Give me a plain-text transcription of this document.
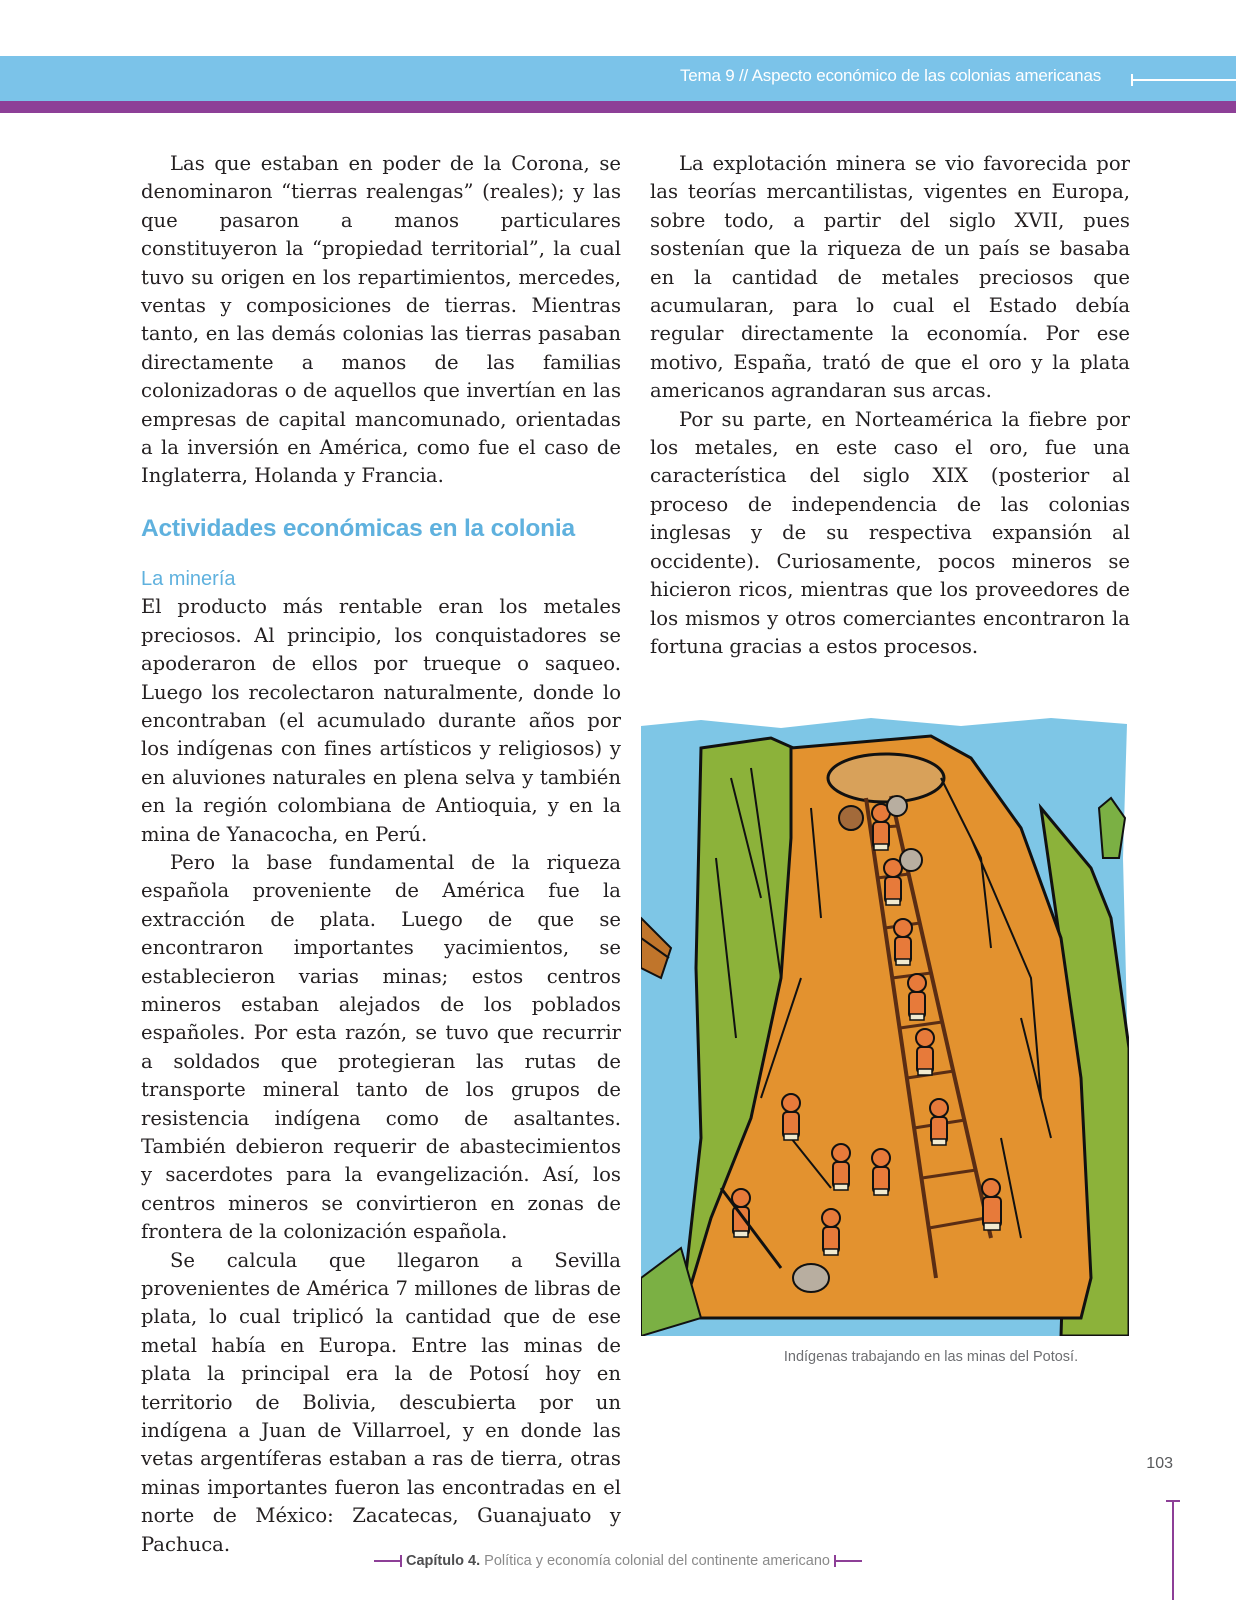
Tema 9 // Aspecto económico de las colonias americanas

Las que estaban en poder de la Corona, se denominaron “tierras realengas” (reales); y las que pasaron a manos particulares constituyeron la “propiedad territorial”, la cual tuvo su origen en los repartimientos, mercedes, ventas y composiciones de tierras. Mientras tanto, en las demás colonias las tierras pasaban directamente a manos de las familias colonizadoras o de aquellos que invertían en las empresas de capital mancomunado, orientadas a la inversión en América, como fue el caso de Inglaterra, Holanda y Francia.

Actividades económicas en la colonia
La minería

El producto más rentable eran los metales preciosos. Al principio, los conquistadores se apoderaron de ellos por trueque o saqueo. Luego los recolectaron naturalmente, donde lo encontraban (el acumulado durante años por los indígenas con fines artísticos y religiosos) y en aluviones naturales en plena selva y también en la región colombiana de Antioquia, y en la mina de Yanacocha, en Perú.

Pero la base fundamental de la riqueza española proveniente de América fue la extracción de plata. Luego de que se encontraron importantes yacimientos, se establecieron varias minas; estos centros mineros estaban alejados de los poblados españoles. Por esta razón, se tuvo que recurrir a soldados que protegieran las rutas de transporte mineral tanto de los grupos de resistencia indígena como de asaltantes. También debieron requerir de abastecimientos y sacerdotes para la evangelización. Así, los centros mineros se convirtieron en zonas de frontera de la colonización española.

Se calcula que llegaron a Sevilla provenientes de América 7 millones de libras de plata, lo cual triplicó la cantidad que de ese metal había en Europa. Entre las minas de plata la principal era la de Potosí hoy en territorio de Bolivia, descubierta por un indígena a Juan de Villarroel, y en donde las vetas argentíferas estaban a ras de tierra, otras minas importantes fueron las encontradas en el norte de México: Zacatecas, Guanajuato y Pachuca.

La explotación minera se vio favorecida por las teorías mercantilistas, vigentes en Europa, sobre todo, a partir del siglo XVII, pues sostenían que la riqueza de un país se basaba en la cantidad de metales preciosos que acumularan, para lo cual el Estado debía regular directamente la economía. Por ese motivo, España, trató de que el oro y la plata americanos agrandaran sus arcas.

Por su parte, en Norteamérica la fiebre por los metales, en este caso el oro, fue una característica del siglo XIX (posterior al proceso de independencia de las colonias inglesas y de su respectiva expansión al occidente). Curiosamente, pocos mineros se hicieron ricos, mientras que los proveedores de los mismos y otros comerciantes encontraron la fortuna gracias a estos procesos.

Indígenas trabajando en las minas del Potosí.
103
Capítulo 4. Política y economía colonial del continente americano
